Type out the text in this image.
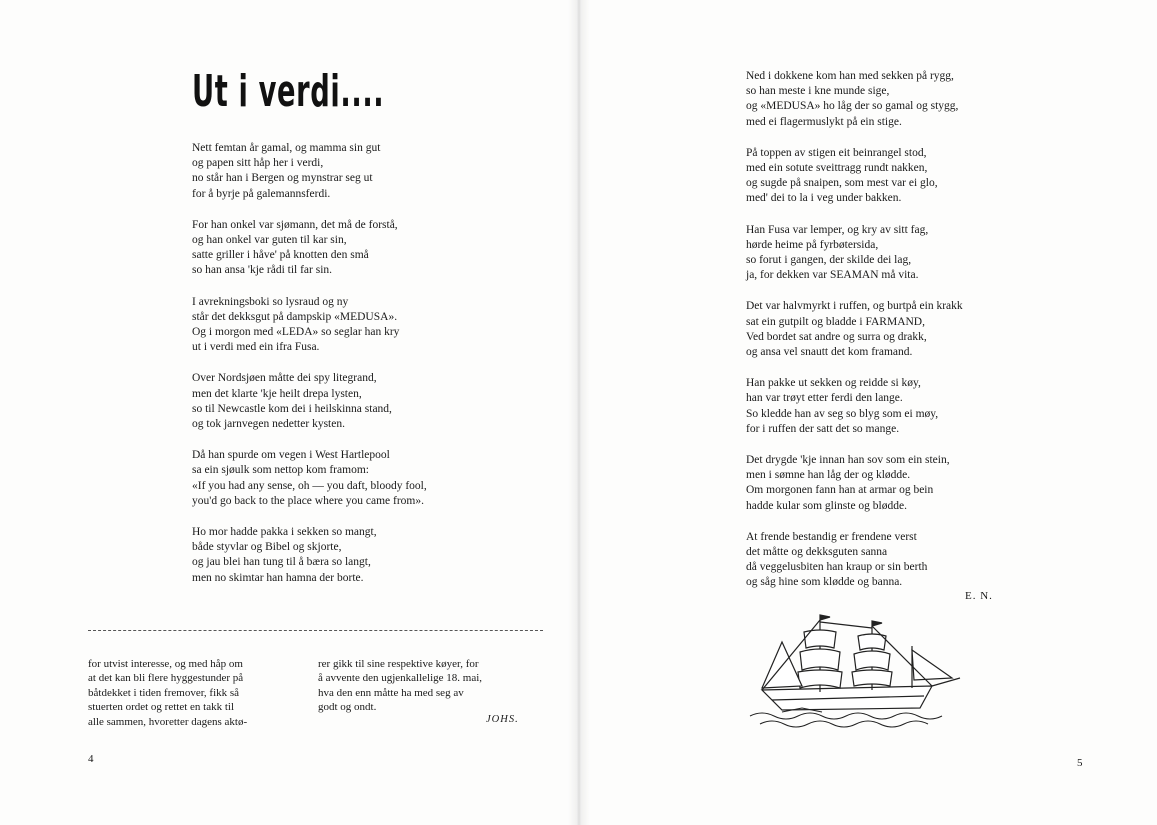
Ut i verdi....
Nett femtan år gamal, og mamma sin gut
og papen sitt håp her i verdi,
no står han i Bergen og mynstrar seg ut
for å byrje på galemannsferdi.
For han onkel var sjømann, det må de forstå,
og han onkel var guten til kar sin,
satte griller i håve' på knotten den små
so han ansa 'kje rådi til far sin.
I avrekningsboki so lysraud og ny
står det dekksgut på dampskip «MEDUSA».
Og i morgon med «LEDA» so seglar han kry
ut i verdi med ein ifra Fusa.
Over Nordsjøen måtte dei spy litegrand,
men det klarte 'kje heilt drepa lysten,
so til Newcastle kom dei i heilskinna stand,
og tok jarnvegen nedetter kysten.
Då han spurde om vegen i West Hartlepool
sa ein sjøulk som nettop kom framom:
«If you had any sense, oh — you daft, bloody fool,
you'd go back to the place where you came from».
Ho mor hadde pakka i sekken so mangt,
både styvlar og Bibel og skjorte,
og jau blei han tung til å bæra so langt,
men no skimtar han hamna der borte.
for utvist interesse, og med håp om
at det kan bli flere hyggestunder på
båtdekket i tiden fremover, fikk så
stuerten ordet og rettet en takk til
alle sammen, hvoretter dagens aktø-
rer gikk til sine respektive køyer, for
å avvente den ugjenkallelige 18. mai,
hva den enn måtte ha med seg av
godt og ondt.
JOHS.
4
Ned i dokkene kom han med sekken på rygg,
so han meste i kne munde sige,
og «MEDUSA» ho låg der so gamal og stygg,
med ei flagermuslykt på ein stige.
På toppen av stigen eit beinrangel stod,
med ein sotute sveittragg rundt nakken,
og sugde på snaipen, som mest var ei glo,
med' dei to la i veg under bakken.
Han Fusa var lemper, og kry av sitt fag,
hørde heime på fyrbøtersida,
so forut i gangen, der skilde dei lag,
ja, for dekken var SEAMAN må vita.
Det var halvmyrkt i ruffen, og burtpå ein krakk
sat ein gutpilt og bladde i FARMAND,
Ved bordet sat andre og surra og drakk,
og ansa vel snautt det kom framand.
Han pakke ut sekken og reidde si køy,
han var trøyt etter ferdi den lange.
So kledde han av seg so blyg som ei møy,
for i ruffen der satt det so mange.
Det drygde 'kje innan han sov som ein stein,
men i sømne han låg der og kløddе.
Om morgonen fann han at armar og bein
hadde kular som glinste og blødde.
At frende bestandig er frendene verst
det måtte og dekksguten sanna
då veggelusbiten han kraup or sin berth
og såg hine som kløddе og banna.
E. N.
5
